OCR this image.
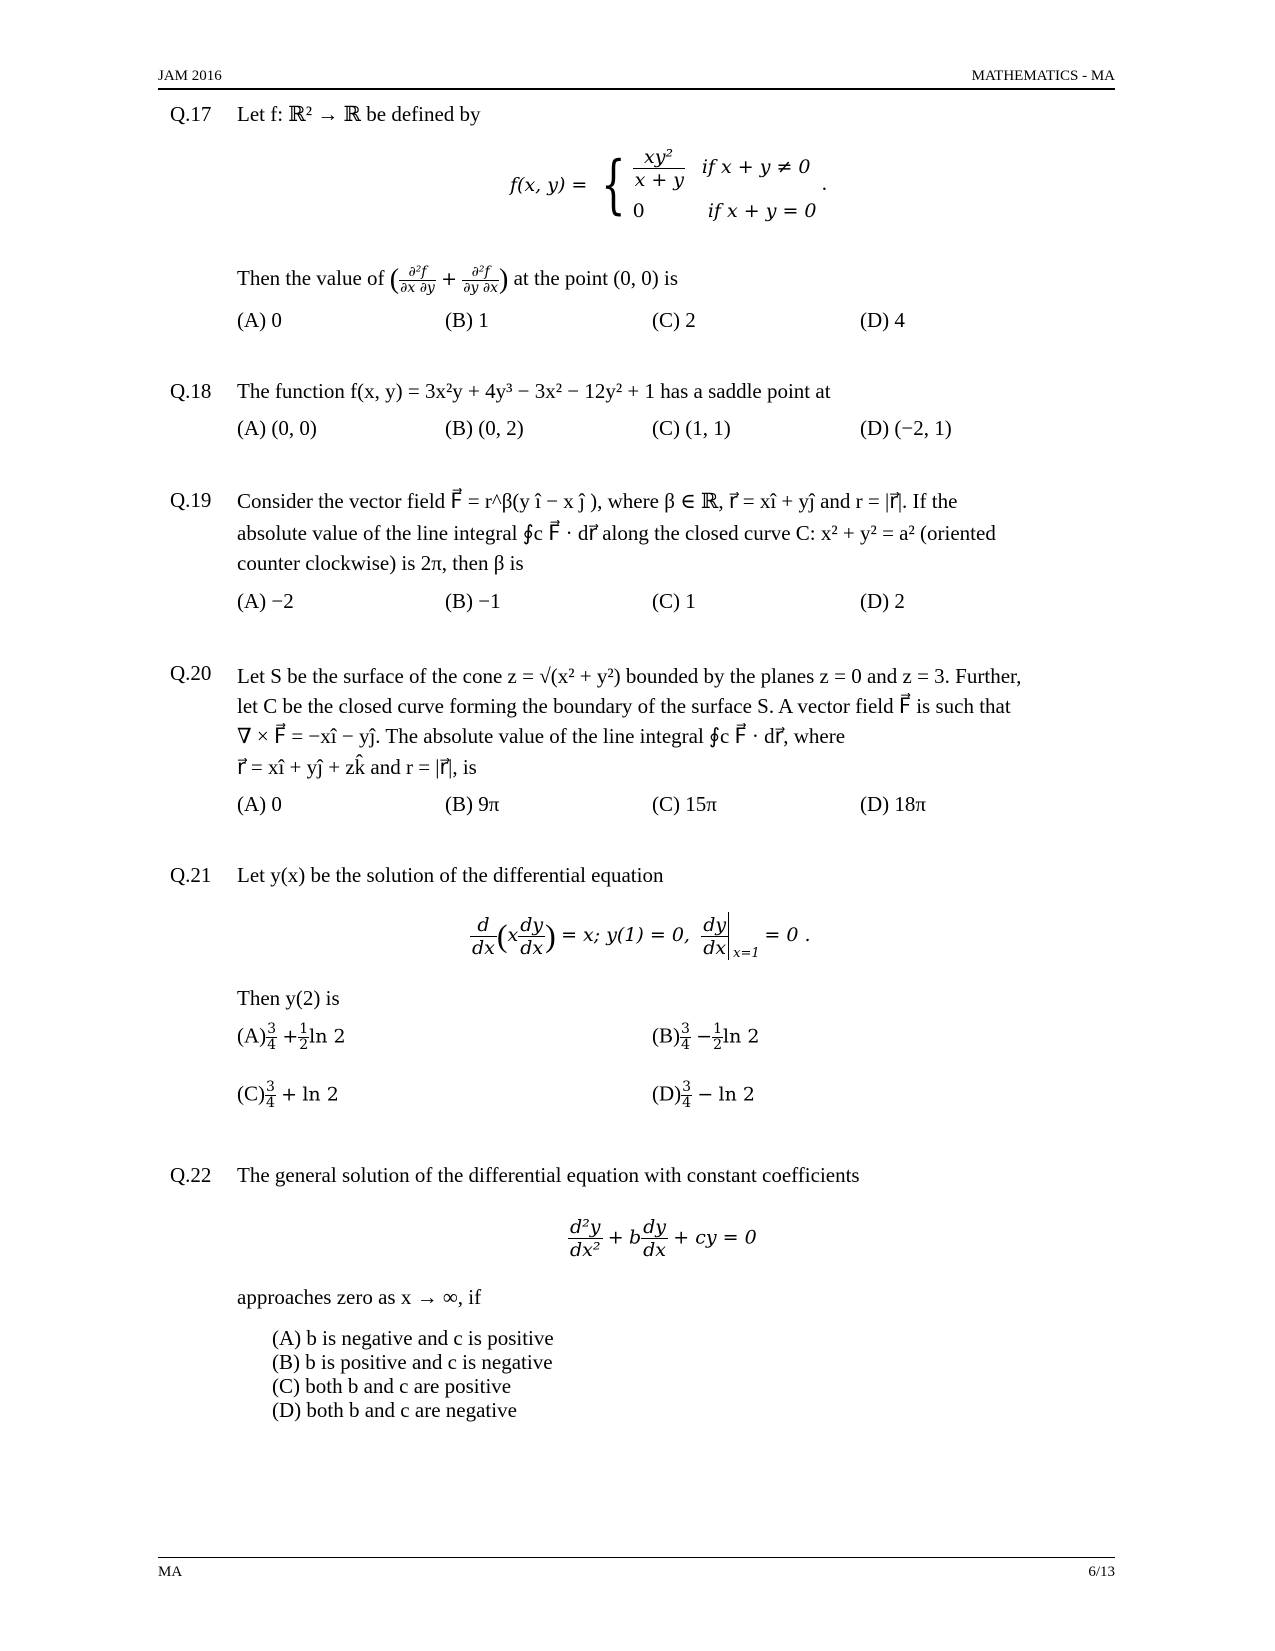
JAM 2016	MATHEMATICS - MA
Q.17 Let f: ℝ² → ℝ be defined by
f(x, y) = { $\frac{\text{xy²}}{x + y}$ if x + y ≠ 0
0	if x + y = 0
.
Then the value of ( $\frac{\text{∂²f}}{\partial x \partial y} + \frac{\text{∂²f}}{\partial y \partial x}$ ) at the point (0, 0) is
(A) 0	(B) 1	(C) 2	(D) 4
Q.18 The function f(x, y) = 3x²y + 4y³ − 3x² − 12y² + 1 has a saddle point at
(A) (0, 0)	(B) (0, 2)	(C) (1, 1)	(D) (−2, 1)
Q.19 Consider the vector field F⃗ = r^β(y î − x ĵ ), where β ∈ ℝ, r⃗ = xî + yĵ and r = |r⃗|. If the
absolute value of the line integral ∮c F⃗ · dr⃗ along the closed curve C: x² + y² = a² (oriented
counter clockwise) is 2π, then β is
(A) −2	(B) −1	(C) 1	(D) 2
Q.20 Let S be the surface of the cone z = √(x² + y²) bounded by the planes z = 0 and z = 3. Further,
let C be the closed curve forming the boundary of the surface S. A vector field F⃗ is such that
∇ × F⃗ = −xî − yĵ. The absolute value of the line integral ∮c F⃗ · dr⃗, where
r⃗ = xî + yĵ + zk̂ and r = |r⃗|, is
(A) 0	(B) 9π	(C) 15π	(D) 18π
Q.21 Let y(x) be the solution of the differential equation
$\frac{d}{dx} (x \frac{dy}{dx}$ ) = x; y(1) = 0, $\frac{dy}{dx} x=1$
= 0 .
Then y(2) is
$(A) \frac{3}{4} + \frac{1}{2}$ ln 2	$(B) \frac{3}{4} - \frac{1}{2}$ ln 2
$(C) \frac{3}{4} + \ln 2$	$(D) \frac{3}{4} - \ln 2$
Q.22 The general solution of the differential equation with constant coefficients
$\frac{\text{d²y}}{\text{dx²}} + b \frac{dy}{dx}$ + cy = 0
approaches zero as x → ∞, if
(A) b is negative and c is positive
(B) b is positive and c is negative
(C) both b and c are positive
(D) both b and c are negative
MA	6/13
